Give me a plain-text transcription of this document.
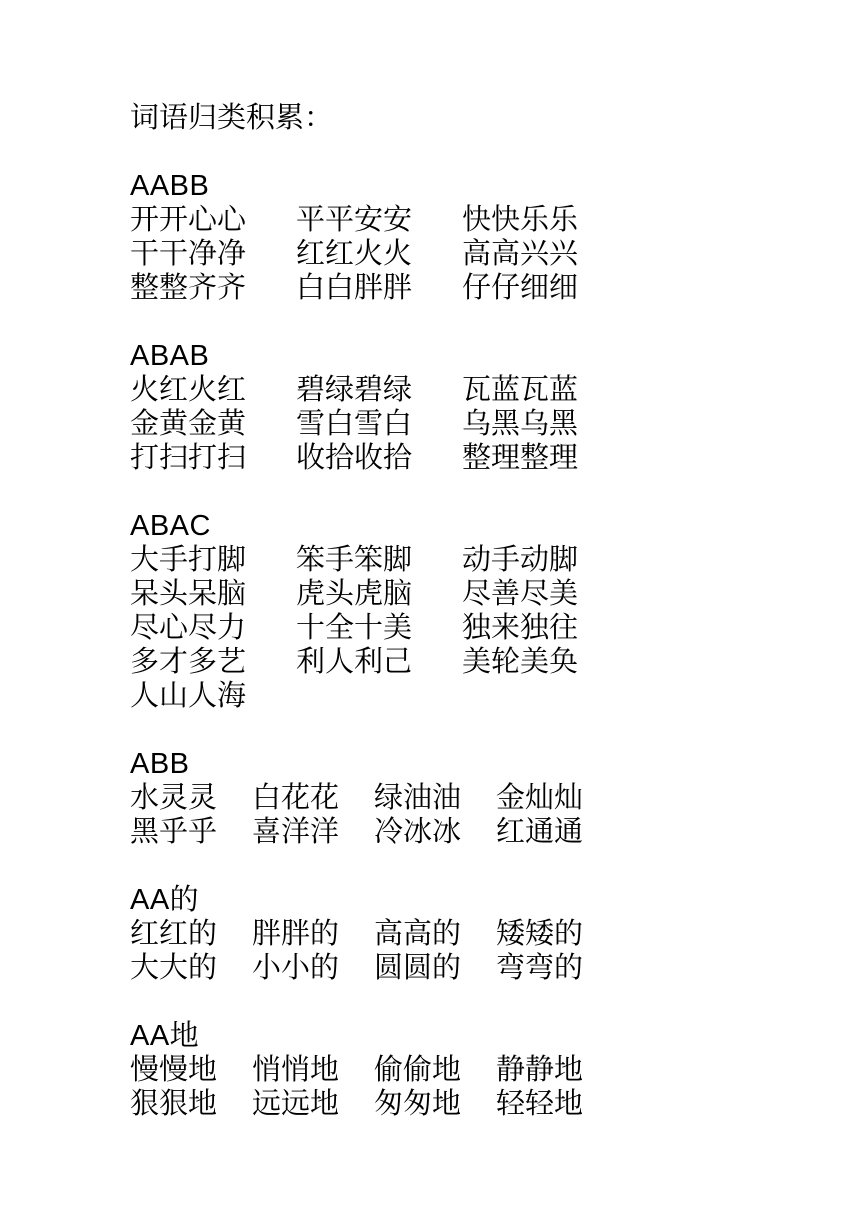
词语归类积累：
AABB
开开心心	平平安安	快快乐乐
干干净净	红红火火	高高兴兴
整整齐齐	白白胖胖	仔仔细细
ABAB
火红火红	碧绿碧绿	瓦蓝瓦蓝
金黄金黄	雪白雪白	乌黑乌黑
打扫打扫	收拾收拾	整理整理
ABAC
大手打脚	笨手笨脚	动手动脚
呆头呆脑	虎头虎脑	尽善尽美
尽心尽力	十全十美	独来独往
多才多艺	利人利己	美轮美奂
人山人海
ABB
水灵灵	白花花	绿油油	金灿灿
黑乎乎	喜洋洋	冷冰冰	红通通
AA的
红红的	胖胖的	高高的	矮矮的
大大的	小小的	圆圆的	弯弯的
AA地
慢慢地	悄悄地	偷偷地	静静地
狠狠地	远远地	匆匆地	轻轻地
